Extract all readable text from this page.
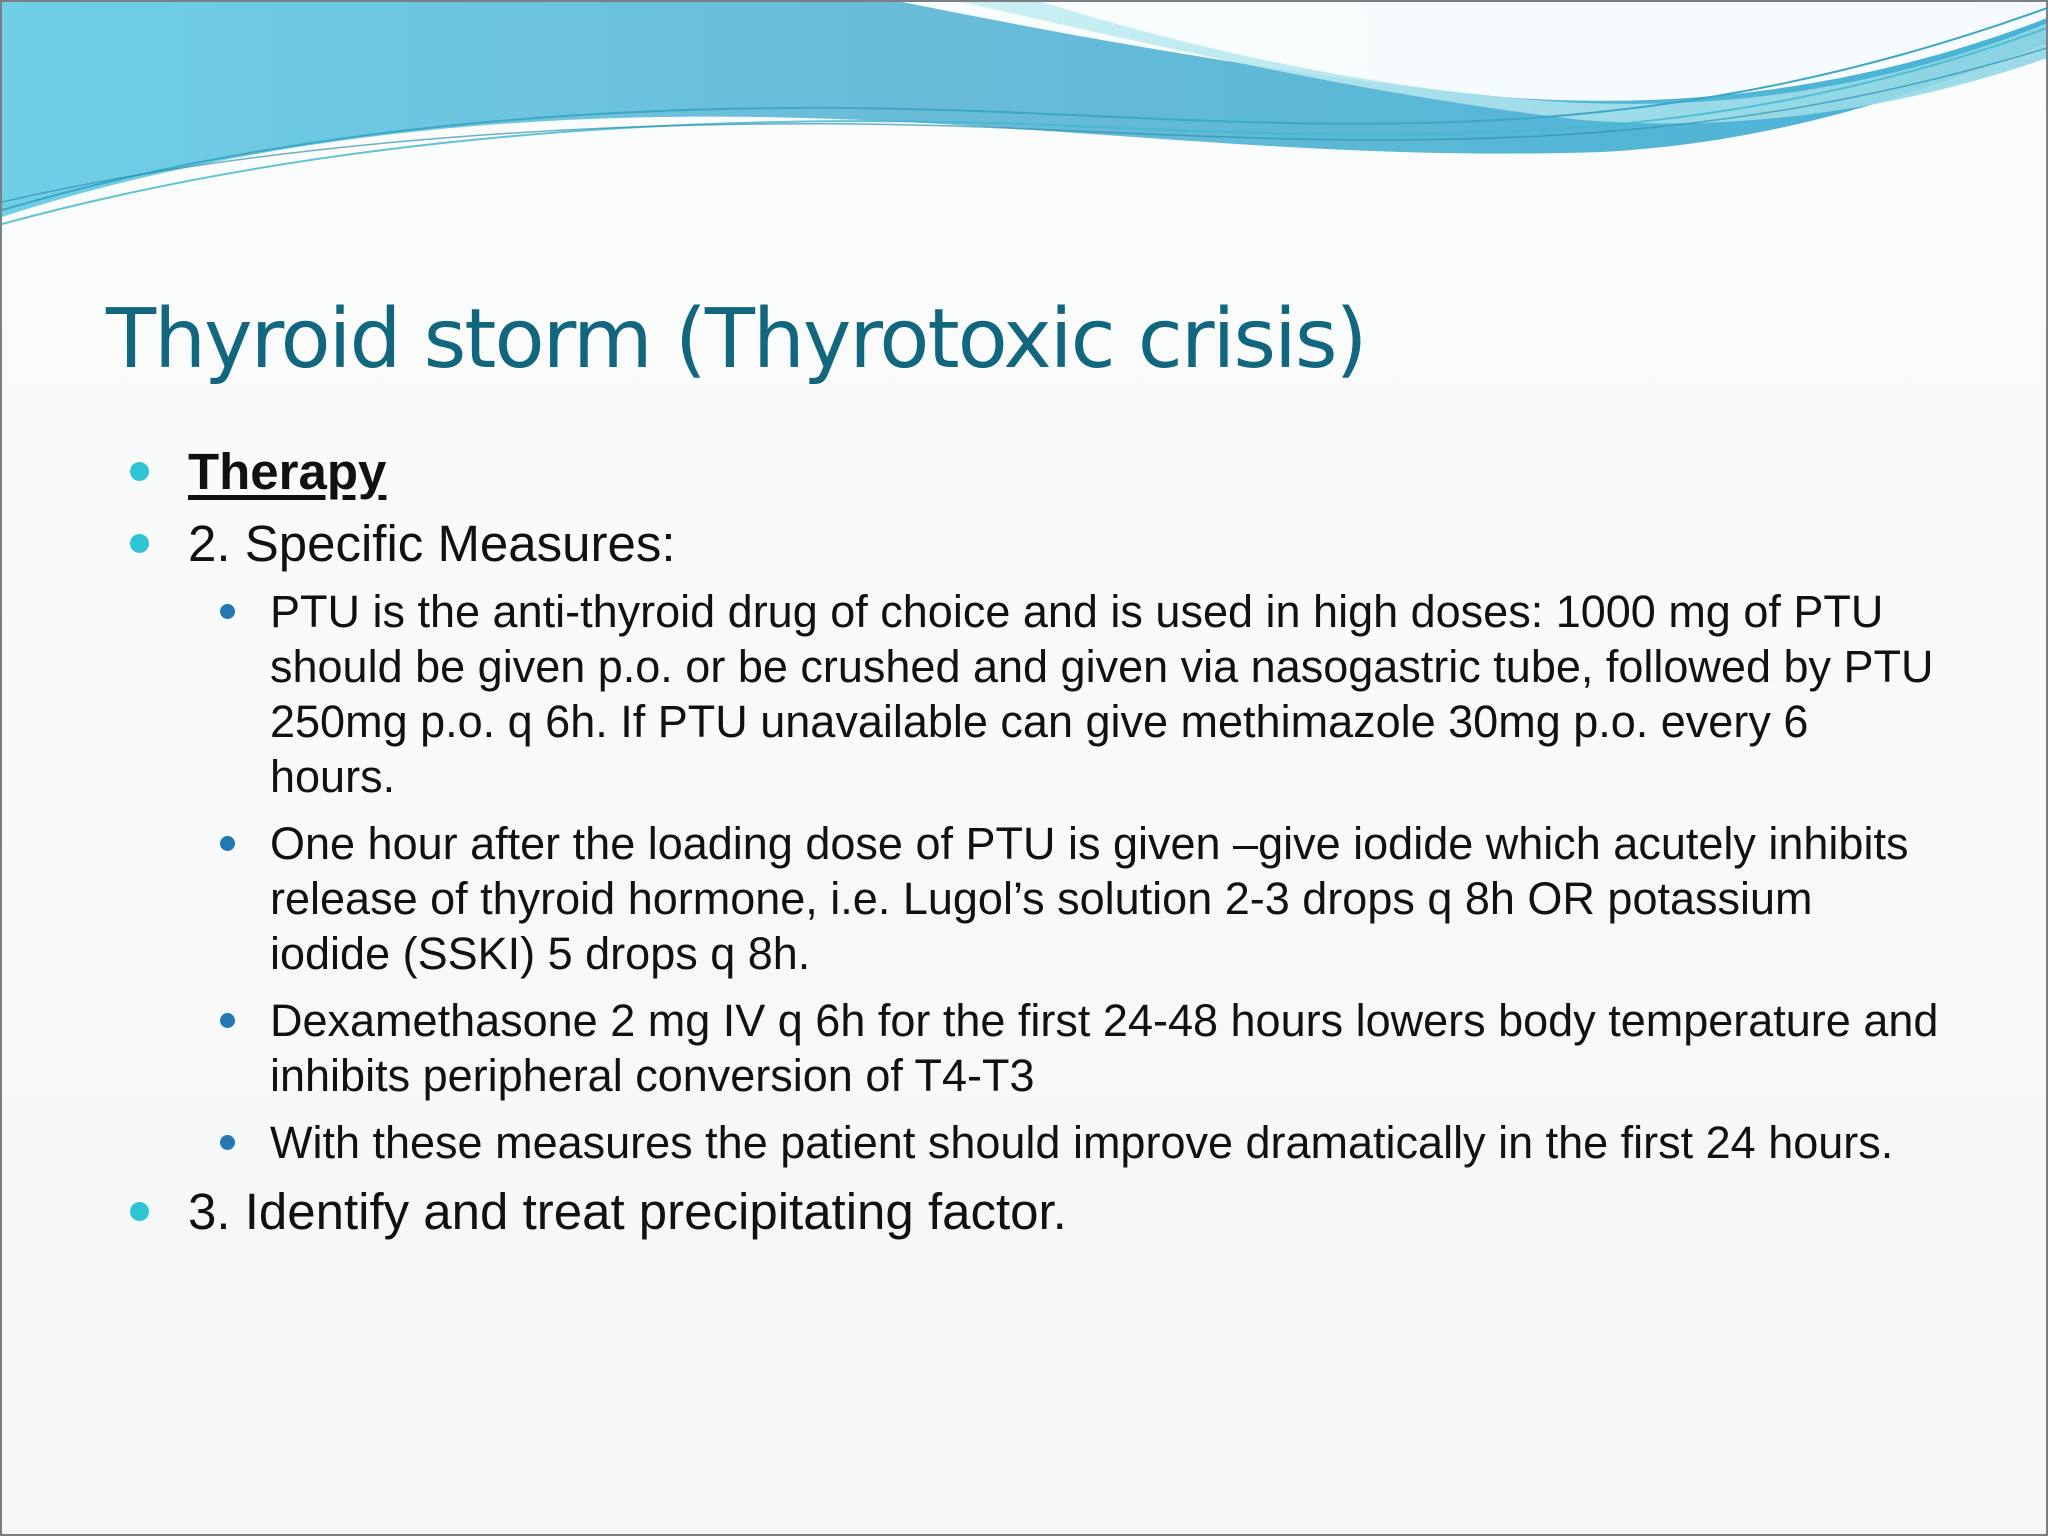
Thyroid storm (Thyrotoxic crisis)
Therapy
2. Specific Measures:
PTU is the anti-thyroid drug of choice and is used in high doses: 1000 mg of PTU should be given p.o. or be crushed and given via nasogastric tube, followed by PTU 250mg p.o. q 6h. If PTU unavailable can give methimazole 30mg p.o. every 6 hours.
One hour after the loading dose of PTU is given –give iodide which acutely inhibits release of thyroid hormone, i.e. Lugol’s solution 2-3 drops q 8h OR potassium iodide (SSKI) 5 drops q 8h.
Dexamethasone 2 mg IV q 6h for the first 24-48 hours lowers body temperature and inhibits peripheral conversion of T4-T3
With these measures the patient should improve dramatically in the first 24 hours.
3. Identify and treat precipitating factor.
